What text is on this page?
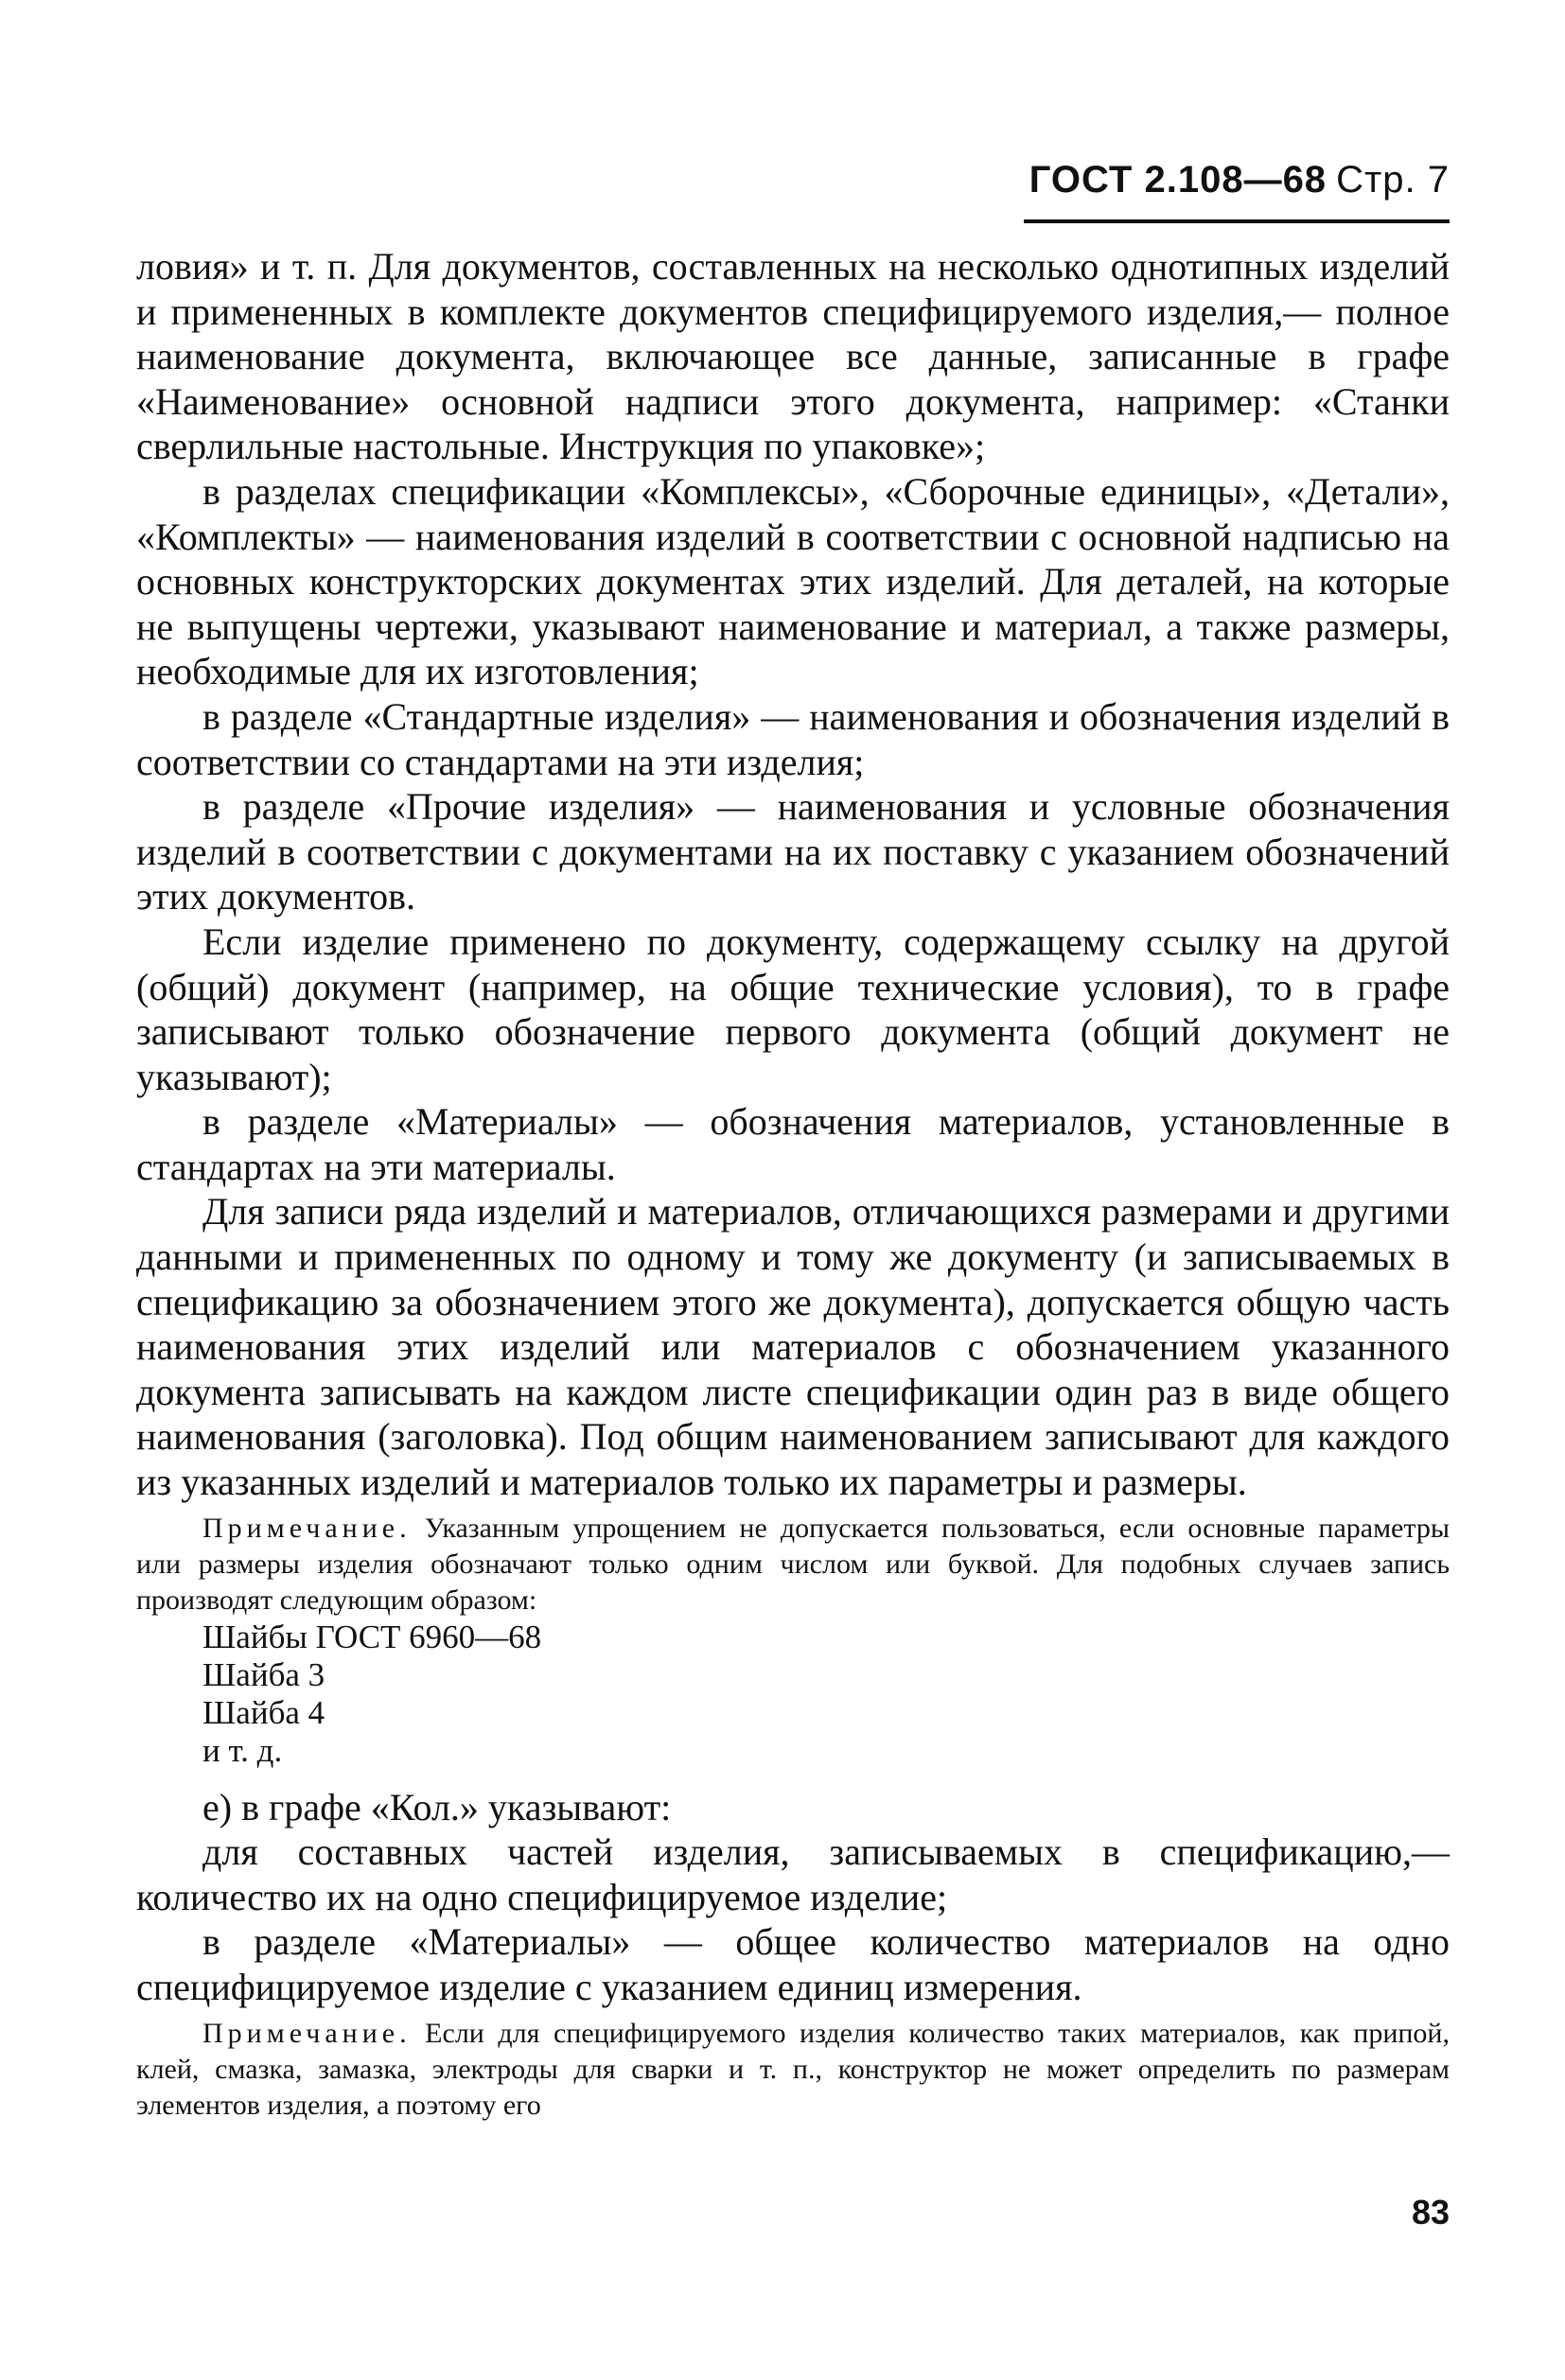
ГОСТ 2.108—68 Стр. 7

ловия» и т. п. Для документов, составленных на несколько однотипных изделий и примененных в комплекте документов специфицируемого изделия,— полное наименование документа, включающее все данные, записанные в графе «Наименование» основной надписи этого документа, например: «Станки сверлильные настольные. Инструкция по упаковке»;

в разделах спецификации «Комплексы», «Сборочные единицы», «Детали», «Комплекты» — наименования изделий в соответствии с основной надписью на основных конструкторских документах этих изделий. Для деталей, на которые не выпущены чертежи, указывают наименование и материал, а также размеры, необходимые для их изготовления;

в разделе «Стандартные изделия» — наименования и обозначения изделий в соответствии со стандартами на эти изделия;

в разделе «Прочие изделия» — наименования и условные обозначения изделий в соответствии с документами на их поставку с указанием обозначений этих документов.

Если изделие применено по документу, содержащему ссылку на другой (общий) документ (например, на общие технические условия), то в графе записывают только обозначение первого документа (общий документ не указывают);

в разделе «Материалы» — обозначения материалов, установленные в стандартах на эти материалы.

Для записи ряда изделий и материалов, отличающихся размерами и другими данными и примененных по одному и тому же документу (и записываемых в спецификацию за обозначением этого же документа), допускается общую часть наименования этих изделий или материалов с обозначением указанного документа записывать на каждом листе спецификации один раз в виде общего наименования (заголовка). Под общим наименованием записывают для каждого из указанных изделий и материалов только их параметры и размеры.

Примечание. Указанным упрощением не допускается пользоваться, если основные параметры или размеры изделия обозначают только одним числом или буквой. Для подобных случаев запись производят следующим образом:

Шайбы ГОСТ 6960—68

Шайба 3

Шайба 4

и т. д.

е) в графе «Кол.» указывают:

для составных частей изделия, записываемых в спецификацию,— количество их на одно специфицируемое изделие;

в разделе «Материалы» — общее количество материалов на одно специфицируемое изделие с указанием единиц измерения.

Примечание. Если для специфицируемого изделия количество таких материалов, как припой, клей, смазка, замазка, электроды для сварки и т. п., конструктор не может определить по размерам элементов изделия, а поэтому его

83
